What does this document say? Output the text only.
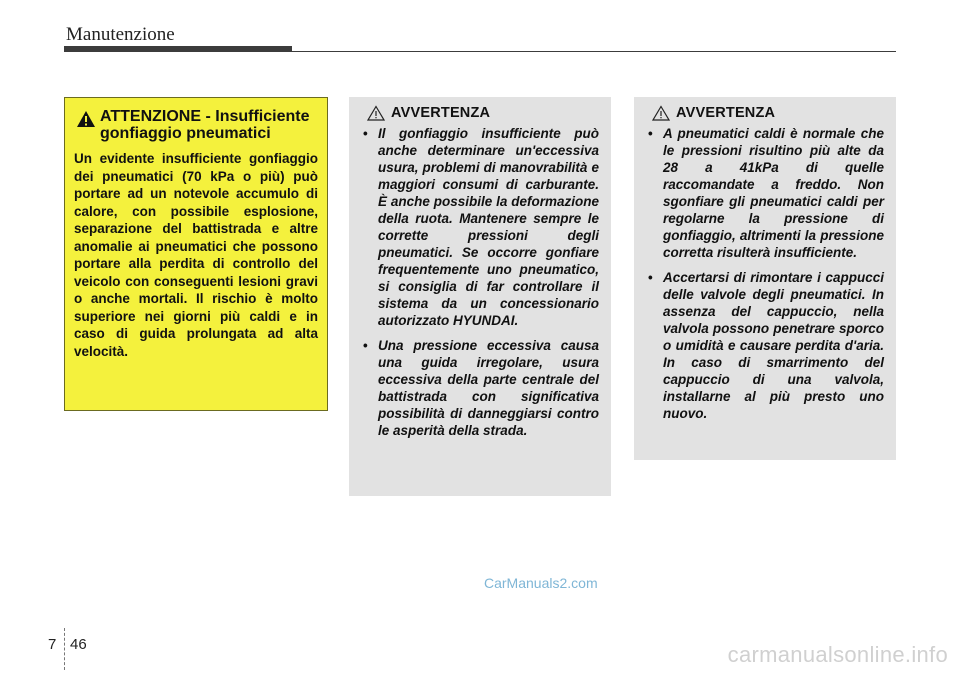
Manutenzione
ATTENZIONE - Insufficiente gonfiaggio pneumatici
Un evidente insufficiente gonfiaggio dei pneumatici (70 kPa o più) può portare ad un notevole accumulo di calore, con possibile esplosione, separazione del battistrada e altre anomalie ai pneumatici che possono portare alla perdita di controllo del veicolo con conseguenti lesioni gravi o anche mortali. Il rischio è molto superiore nei giorni più caldi e in caso di guida prolungata ad alta velocità.
AVVERTENZA
• Il gonfiaggio insufficiente può anche determinare un'eccessiva usura, problemi di manovrabilità e maggiori consumi di carburante. È anche possibile la deformazione della ruota. Mantenere sempre le corrette pressioni degli pneumatici. Se occorre gonfiare frequentemente uno pneumatico, si consiglia di far controllare il sistema da un concessionario autorizzato HYUNDAI.
• Una pressione eccessiva causa una guida irregolare, usura eccessiva della parte centrale del battistrada con significativa possibilità di danneggiarsi contro le asperità della strada.
AVVERTENZA
• A pneumatici caldi è normale che le pressioni risultino più alte da 28 a 41kPa di quelle raccomandate a freddo. Non sgonfiare gli pneumatici caldi per regolarne la pressione di gonfiaggio, altrimenti la pressione corretta risulterà insufficiente.
• Accertarsi di rimontare i cappucci delle valvole degli pneumatici. In assenza del cappuccio, nella valvola possono penetrare sporco o umidità e causare perdita d'aria. In caso di smarrimento del cappuccio di una valvola, installarne al più presto uno nuovo.
CarManuals2.com
7 46	carmanualsonline.info
